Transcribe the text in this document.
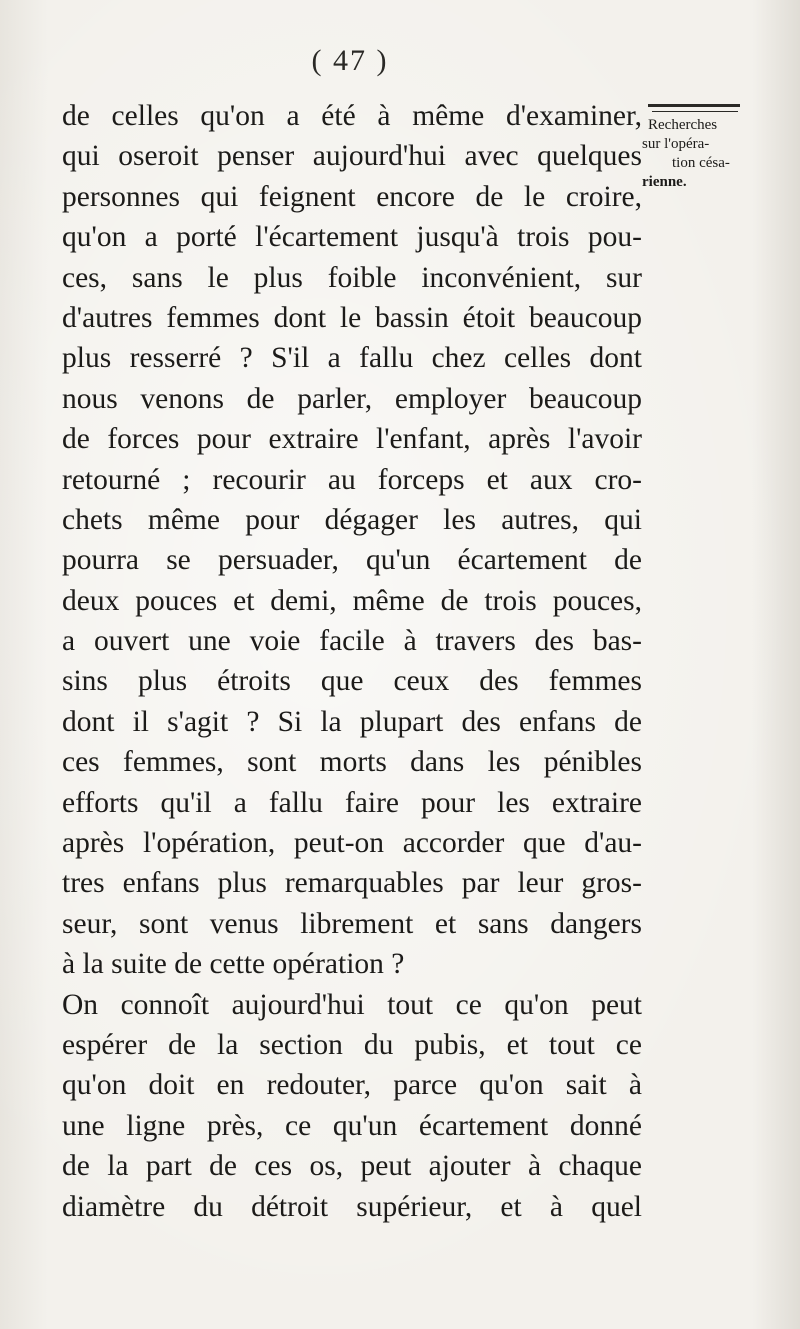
( 47 )
Recherches
sur l'opéra-
tion césa-
rienne.
de celles qu'on a été à même d'examiner,
qui oseroit penser aujourd'hui avec quelques
personnes qui feignent encore de le croire,
qu'on a porté l'écartement jusqu'à trois pou-
ces, sans le plus foible inconvénient, sur
d'autres femmes dont le bassin étoit beaucoup
plus resserré ? S'il a fallu chez celles dont
nous venons de parler, employer beaucoup
de forces pour extraire l'enfant, après l'avoir
retourné ; recourir au forceps et aux cro-
chets même pour dégager les autres, qui
pourra se persuader, qu'un écartement de
deux pouces et demi, même de trois pouces,
a ouvert une voie facile à travers des bas-
sins plus étroits que ceux des femmes
dont il s'agit ? Si la plupart des enfans de
ces femmes, sont morts dans les pénibles
efforts qu'il a fallu faire pour les extraire
après l'opération, peut-on accorder que d'au-
tres enfans plus remarquables par leur gros-
seur, sont venus librement et sans dangers
à la suite de cette opération ?
On connoît aujourd'hui tout ce qu'on peut
espérer de la section du pubis, et tout ce
qu'on doit en redouter, parce qu'on sait à
une ligne près, ce qu'un écartement donné
de la part de ces os, peut ajouter à chaque
diamètre du détroit supérieur, et à quel
